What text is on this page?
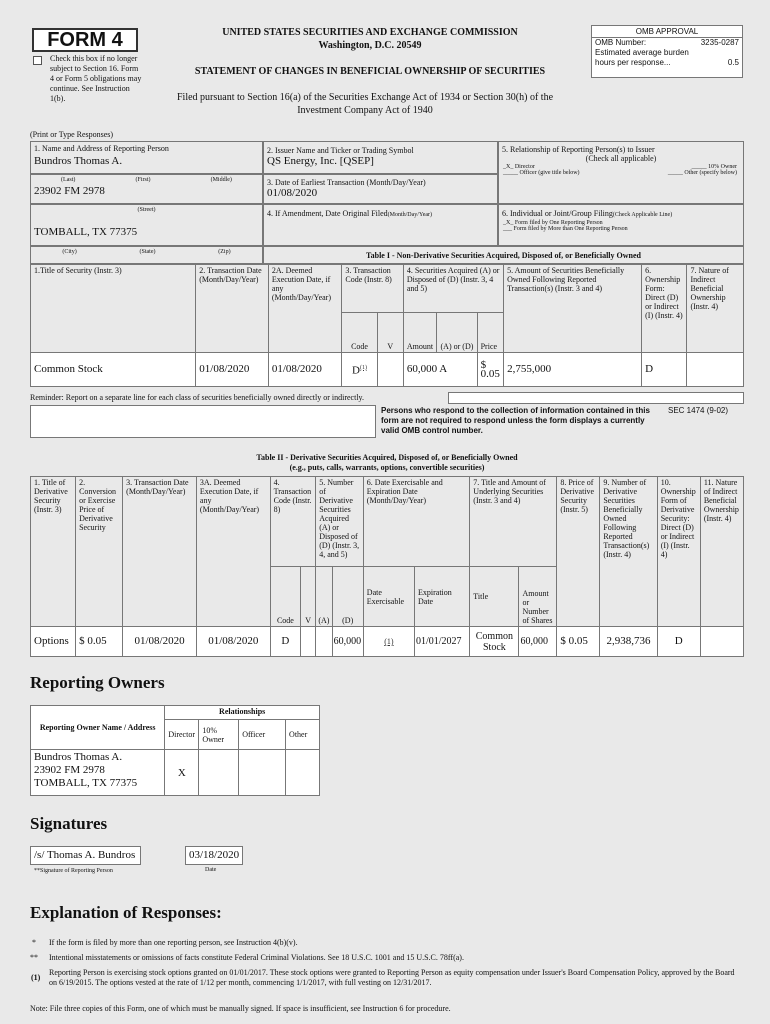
FORM 4
Check this box if no longer subject to Section 16. Form 4 or Form 5 obligations may continue. See Instruction 1(b).
UNITED STATES SECURITIES AND EXCHANGE COMMISSION
Washington, D.C. 20549
STATEMENT OF CHANGES IN BENEFICIAL OWNERSHIP OF SECURITIES
Filed pursuant to Section 16(a) of the Securities Exchange Act of 1934 or Section 30(h) of the
Investment Company Act of 1940
OMB APPROVAL
OMB Number:	3235-0287
Estimated average burden
hours per response...	0.5
(Print or Type Responses)
1. Name and Address of Reporting Person
Bundros Thomas A.
(Last)	(First)	(Middle)
23902 FM 2978
(Street)
TOMBALL, TX 77375
(City)	(State)	(Zip)
2. Issuer Name and Ticker or Trading Symbol
QS Energy, Inc. [QSEP]
3. Date of Earliest Transaction (Month/Day/Year)
01/08/2020
4. If Amendment, Date Original Filed(Month/Day/Year)
5. Relationship of Reporting Person(s) to Issuer
(Check all applicable)
_X_ Director	_____ 10% Owner
_____ Officer (give title below)	_____ Other (specify below)
6. Individual or Joint/Group Filing(Check Applicable Line)
_X_ Form filed by One Reporting Person
___ Form filed by More than One Reporting Person
Table I - Non-Derivative Securities Acquired, Disposed of, or Beneficially Owned
1.Title of Security (Instr. 3)	2. Transaction Date (Month/Day/Year)	2A. Deemed Execution Date, if any (Month/Day/Year)	3. Transaction Code (Instr. 8)		4. Securities Acquired (A) or Disposed of (D) (Instr. 3, 4 and 5)			5. Amount of Securities Beneficially Owned Following Reported Transaction(s) (Instr. 3 and 4)	6. Ownership Form: Direct (D) or Indirect (I) (Instr. 4)	7. Nature of Indirect Beneficial Ownership (Instr. 4)
			Code	V	Amount	(A) or (D)	Price			
Common Stock	01/08/2020	01/08/2020	$D^{(1)}$		60,000 A		$ 0.05	2,755,000	D	
Reminder: Report on a separate line for each class of securities beneficially owned directly or indirectly.
Persons who respond to the collection of information contained in this form are not required to respond unless the form displays a currently valid OMB control number.
SEC 1474 (9-02)
Table II - Derivative Securities Acquired, Disposed of, or Beneficially Owned
(e.g., puts, calls, warrants, options, convertible securities)
1. Title of Derivative Security (Instr. 3)	2. Conversion or Exercise Price of Derivative Security	3. Transaction Date (Month/Day/Year)	3A. Deemed Execution Date, if any (Month/Day/Year)	4. Transaction Code (Instr. 8)		5. Number of Derivative Securities Acquired (A) or Disposed of (D) (Instr. 3, 4, and 5)		6. Date Exercisable and Expiration Date (Month/Day/Year)		7. Title and Amount of Underlying Securities (Instr. 3 and 4)		8. Price of Derivative Security (Instr. 5)	9. Number of Derivative Securities Beneficially Owned Following Reported Transaction(s) (Instr. 4)	10. Ownership Form of Derivative Security: Direct (D) or Indirect (I) (Instr. 4)	11. Nature of Indirect Beneficial Ownership (Instr. 4)
				Code	V	(A)	(D)	Date Exercisable	Expiration Date	Title	Amount or Number of Shares				
Options	$ 0.05	01/08/2020	01/08/2020	D			60,000	(1)	01/01/2027	Common Stock	60,000	$ 0.05	2,938,736	D	
Reporting Owners
Reporting Owner Name / Address	Relationships			
	Director	10% Owner	Officer	Other

Bundros Thomas A.
23902 FM 2978
TOMBALL, TX 77375	X			
Signatures
/s/ Thomas A. Bundros	03/18/2020
**Signature of Reporting Person	Date
Explanation of Responses:
* If the form is filed by more than one reporting person, see Instruction 4(b)(v).
** Intentional misstatements or omissions of facts constitute Federal Criminal Violations. See 18 U.S.C. 1001 and 15 U.S.C. 78ff(a).
(1)
Reporting Person is exercising stock options granted on 01/01/2017. These stock options were granted to Reporting Person as equity compensation under Issuer's Board Compensation Policy, approved by the Board on 6/19/2015. The options vested at the rate of 1/12 per month, commencing 1/1/2017, with full vesting on 12/31/2017.
Note: File three copies of this Form, one of which must be manually signed. If space is insufficient, see Instruction 6 for procedure.
